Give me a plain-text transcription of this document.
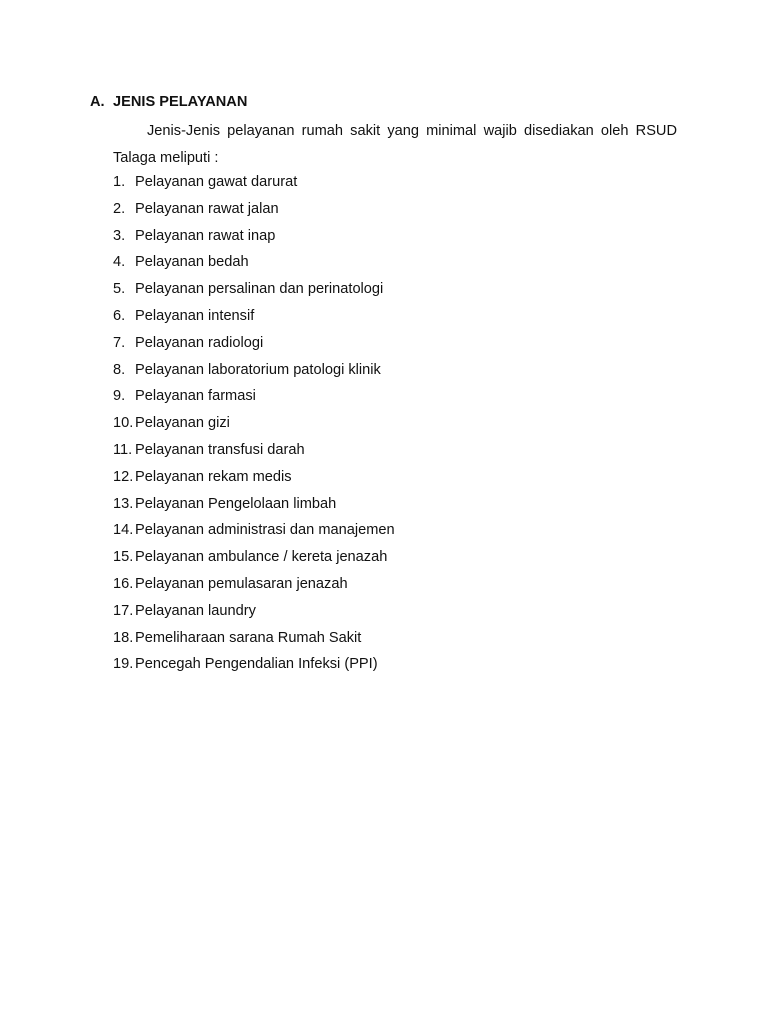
A. JENIS PELAYANAN
Jenis-Jenis pelayanan rumah sakit yang minimal wajib disediakan oleh RSUD
Talaga meliputi :
1. Pelayanan gawat darurat
2. Pelayanan rawat jalan
3. Pelayanan rawat inap
4. Pelayanan bedah
5. Pelayanan persalinan dan perinatologi
6. Pelayanan intensif
7. Pelayanan radiologi
8. Pelayanan laboratorium patologi klinik
9. Pelayanan farmasi
10. Pelayanan gizi
11. Pelayanan transfusi darah
12. Pelayanan rekam medis
13. Pelayanan Pengelolaan limbah
14. Pelayanan administrasi dan manajemen
15. Pelayanan ambulance / kereta jenazah
16. Pelayanan pemulasaran jenazah
17. Pelayanan laundry
18. Pemeliharaan sarana Rumah Sakit
19. Pencegah Pengendalian Infeksi (PPI)
